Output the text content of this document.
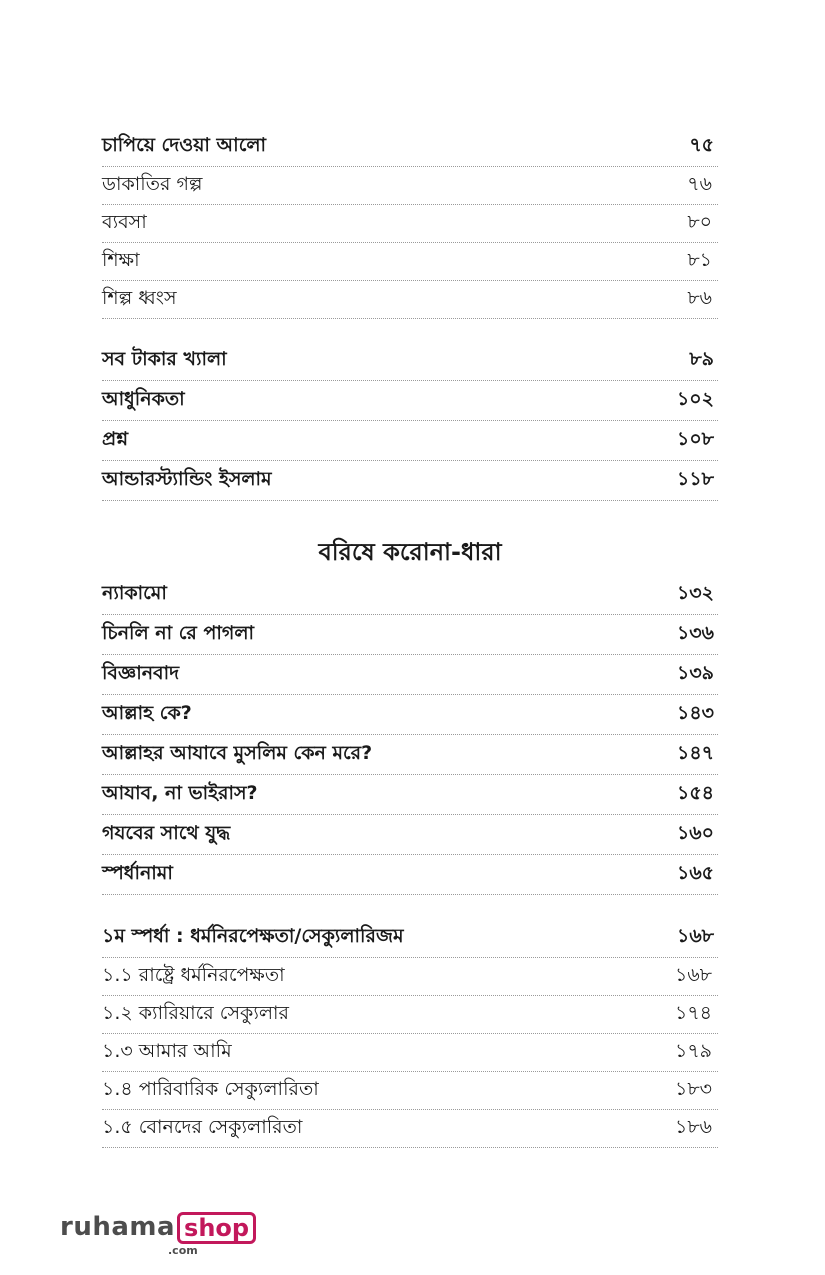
চাপিয়ে দেওয়া আলো	৭৫
ডাকাতির গল্প	৭৬
ব্যবসা	৮০
শিক্ষা	৮১
শিল্প ধ্বংস	৮৬
সব টাকার খ্যালা	৮৯
আধুনিকতা	১০২
প্রশ্ন	১০৮
আন্ডারস্ট্যান্ডিং ইসলাম	১১৮
বরিষে করোনা-ধারা
ন্যাকামো	১৩২
চিনলি না রে পাগলা	১৩৬
বিজ্ঞানবাদ	১৩৯
আল্লাহ কে?	১৪৩
আল্লাহর আযাবে মুসলিম কেন মরে?	১৪৭
আযাব, না ভাইরাস?	১৫৪
গযবের সাথে যুদ্ধ	১৬০
স্পর্ধানামা	১৬৫
১ম স্পর্ধা : ধর্মনিরপেক্ষতা/সেক্যুলারিজম	১৬৮
১.১ রাষ্ট্রে ধর্মনিরপেক্ষতা	১৬৮
১.২ ক্যারিয়ারে সেক্যুলার	১৭৪
১.৩ আমার আমি	১৭৯
১.৪ পারিবারিক সেক্যুলারিতা	১৮৩
১.৫ বোনদের সেক্যুলারিতা	১৮৬
ruhama shop
.com
